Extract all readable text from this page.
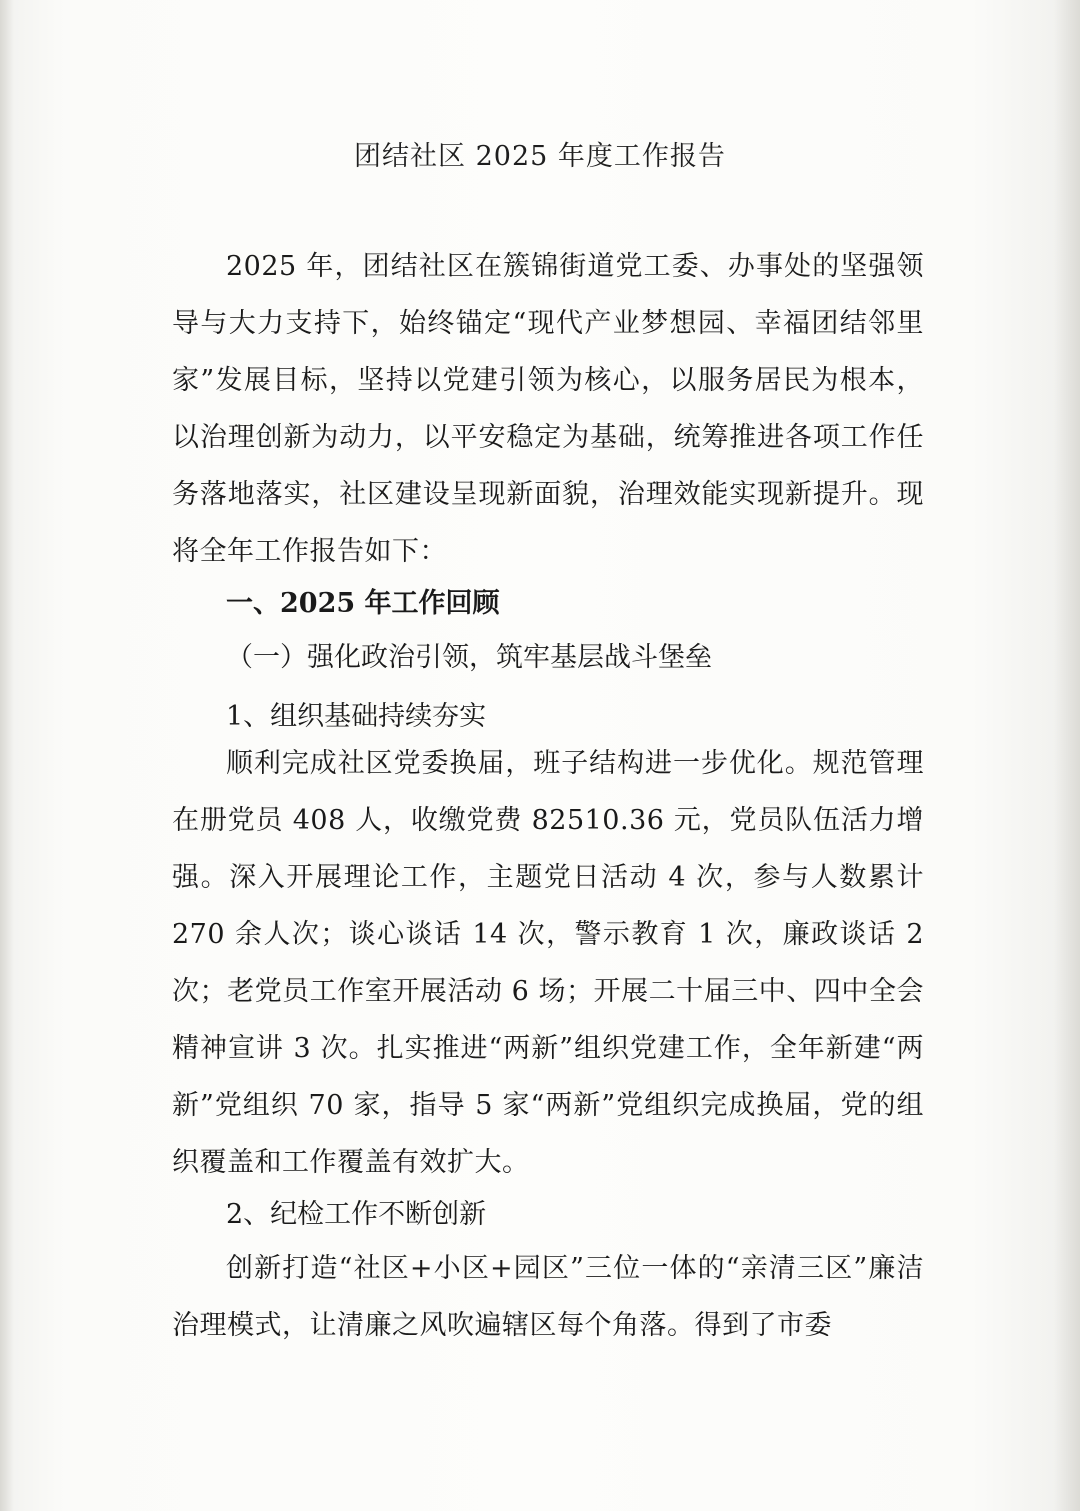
团结社区 2025 年度工作报告
2025 年，团结社区在簇锦街道党工委、办事处的坚强领导与大力支持下，始终锚定“现代产业梦想园、幸福团结邻里家”发展目标，坚持以党建引领为核心，以服务居民为根本，以治理创新为动力，以平安稳定为基础，统筹推进各项工作任务落地落实，社区建设呈现新面貌，治理效能实现新提升。现将全年工作报告如下：
一、2025 年工作回顾
（一）强化政治引领，筑牢基层战斗堡垒
1、组织基础持续夯实
顺利完成社区党委换届，班子结构进一步优化。规范管理在册党员 408 人，收缴党费 82510.36 元，党员队伍活力增强。深入开展理论工作，主题党日活动 4 次，参与人数累计 270 余人次；谈心谈话 14 次，警示教育 1 次，廉政谈话 2 次；老党员工作室开展活动 6 场；开展二十届三中、四中全会精神宣讲 3 次。扎实推进“两新”组织党建工作，全年新建“两新”党组织 70 家，指导 5 家“两新”党组织完成换届，党的组织覆盖和工作覆盖有效扩大。
2、纪检工作不断创新
创新打造“社区+小区+园区”三位一体的“亲清三区”廉洁治理模式，让清廉之风吹遍辖区每个角落。得到了市委
